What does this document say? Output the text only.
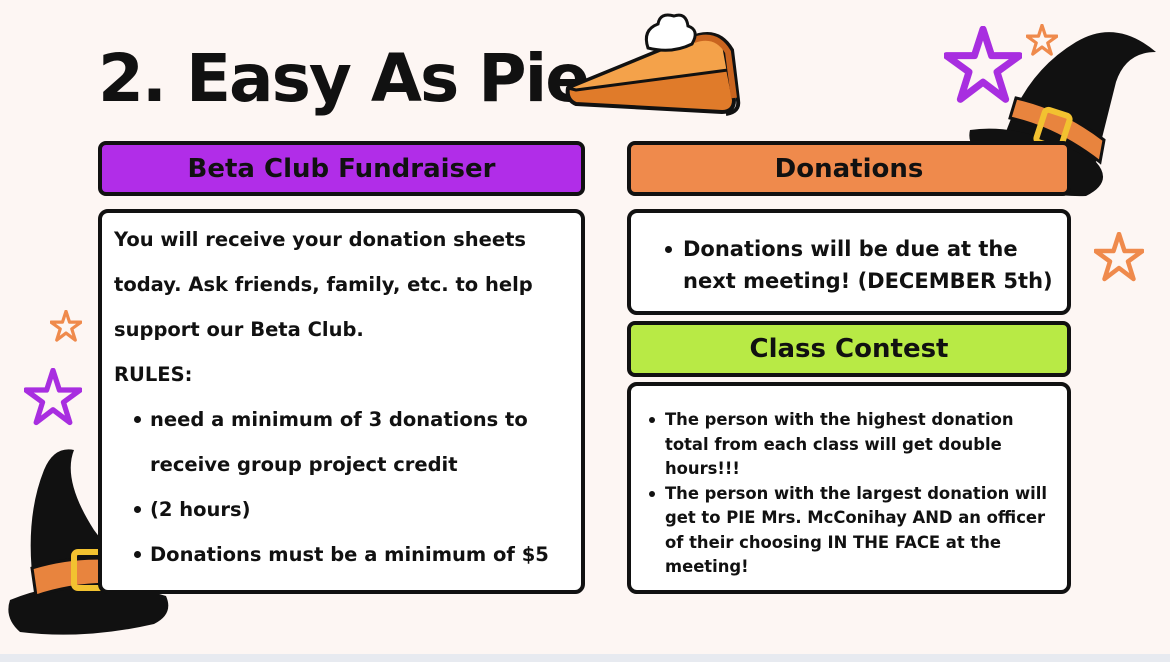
2. Easy As Pie
Beta Club Fundraiser
You will receive your donation sheets
today. Ask friends, family, etc. to help
support our Beta Club.
RULES:
need a minimum of 3 donations to
receive group project credit
(2 hours)
Donations must be a minimum of $5
Donations
Donations will be due at the
next meeting! (DECEMBER 5th)
Class Contest
The person with the highest donation total from each class will get double hours!!!
The person with the largest donation will get to PIE Mrs. McConihay AND an officer of their choosing IN THE FACE at the meeting!
